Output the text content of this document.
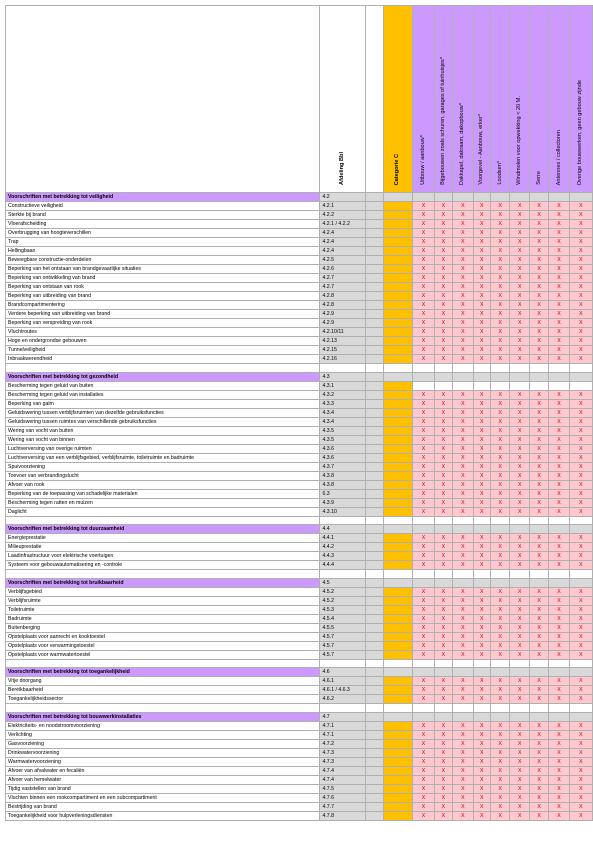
	Afdeling Bbl		Categorie C	Uitbouw / aanbouw*	Bijgebouwen zoals schuren, garages of tuinhuisjes*	Dakkapel, dakraam, dakopbouw*	Voorgevel - Aanbouw, erker*	Loodsen*	Windmolen voor opwekking < 20 M.	Serre	Antennes / collectoren	Overige bouwwerken, geen gebouw zijnde
Voorschriften met betrekking tot veiligheid	4.2											
Constructieve veiligheid	4.2.1			X	X	X	X	X	X	X	X	X
Sterkte bij brand	4.2.2			X	X	X	X	X	X	X	X	X
Vloerafscheiding	4.2.1 / 4.2.2			X	X	X	X	X	X	X	X	X
Overbrugging van hoogteverschillen	4.2.4			X	X	X	X	X	X	X	X	X
Trap	4.2.4			X	X	X	X	X	X	X	X	X
Hellingbaan	4.2.4			X	X	X	X	X	X	X	X	X
Beweegbare constructie-onderdelen	4.2.5			X	X	X	X	X	X	X	X	X
Beperking van het ontstaan van brandgevaarlijke situaties	4.2.6			X	X	X	X	X	X	X	X	X
Beperking van ontwikkeling van brand	4.2.7			X	X	X	X	X	X	X	X	X
Beperking van ontstaan van rook	4.2.7			X	X	X	X	X	X	X	X	X
Beperking van uitbreiding van brand	4.2.8			X	X	X	X	X	X	X	X	X
Brandcompartimentering	4.2.8			X	X	X	X	X	X	X	X	X
Verdere beperking van uitbreiding van brand	4.2.9			X	X	X	X	X	X	X	X	X
Beperking van verspreiding van rook	4.2.9			X	X	X	X	X	X	X	X	X
Vluchtroutes	4.2.10/11			X	X	X	X	X	X	X	X	X
Hoge en ondergrondse gebouwen	4.2.13			X	X	X	X	X	X	X	X	X
Tunnelveiligheid	4.2.15			X	X	X	X	X	X	X	X	X
Inbraakwerendheid	4.2.16			X	X	X	X	X	X	X	X	X

Voorschriften met betrekking tot gezondheid	4.3											
Bescherming tegen geluid van buiten	4.3.1											
Bescherming tegen geluid van installaties	4.3.2			X	X	X	X	X	X	X	X	X
Beperking van galm	4.3.3			X	X	X	X	X	X	X	X	X
Geluidswering tussen verblijfsruimten van dezelfde gebruiksfuncties	4.3.4			X	X	X	X	X	X	X	X	X
Geluidswering tussen ruimtes van verschillende gebruiksfuncties	4.3.4			X	X	X	X	X	X	X	X	X
Wering van vocht van buiten	4.3.5			X	X	X	X	X	X	X	X	X
Wering van vocht van binnen	4.3.5			X	X	X	X	X	X	X	X	X
Luchtverversing van overige ruimten	4.3.6			X	X	X	X	X	X	X	X	X
Luchtverversing van een verblijfsgebied, verblijfsruimte, toiletruimte en badruimte	4.3.6			X	X	X	X	X	X	X	X	X
Spuivoorziening	4.3.7			X	X	X	X	X	X	X	X	X
Toevoer van verbrandingslucht	4.3.8			X	X	X	X	X	X	X	X	X
Afvoer van rook	4.3.8			X	X	X	X	X	X	X	X	X
Beperking van de toepassing van schadelijke materialen	6.3			X	X	X	X	X	X	X	X	X
Bescherming tegen ratten en muizen	4.3.9			X	X	X	X	X	X	X	X	X
Daglicht	4.3.10			X	X	X	X	X	X	X	X	X

Voorschriften met betrekking tot duurzaamheid	4.4											
Energieprestatie	4.4.1			X	X	X	X	X	X	X	X	X
Milieuprestatie	4.4.2			X	X	X	X	X	X	X	X	X
Laadinfrastructuur voor elektrische voertuigen	4.4.3			X	X	X	X	X	X	X	X	X
Systeem voor gebouwautomatisering en -controle	4.4.4			X	X	X	X	X	X	X	X	X

Voorschriften met betrekking tot bruikbaarheid	4.5											
Verblijfsgebied	4.5.2			X	X	X	X	X	X	X	X	X
Verblijfsruimte	4.5.2			X	X	X	X	X	X	X	X	X
Toiletruimte	4.5.3			X	X	X	X	X	X	X	X	X
Badruimte	4.5.4			X	X	X	X	X	X	X	X	X
Buitenberging	4.5.5			X	X	X	X	X	X	X	X	X
Opstelplaats voor aanrecht en kooktoestel	4.5.7			X	X	X	X	X	X	X	X	X
Opstelplaats voor verwarmingstoestel	4.5.7			X	X	X	X	X	X	X	X	X
Opstelplaats voor warmwatertoestel	4.5.7			X	X	X	X	X	X	X	X	X

Voorschriften met betrekking tot toegankelijkheid	4.6											
Vrije doorgang	4.6.1			X	X	X	X	X	X	X	X	X
Bereikbaarheid	4.6.1 / 4.6.3			X	X	X	X	X	X	X	X	X
Toegankelijkheidssector	4.6.2			X	X	X	X	X	X	X	X	X

Voorschriften met betrekking tot bouwwerkinstallaties	4.7											
Elektriciteits- en noodstroomvoorziening	4.7.1			X	X	X	X	X	X	X	X	X
Verlichting	4.7.1			X	X	X	X	X	X	X	X	X
Gasvoorziening	4.7.2			X	X	X	X	X	X	X	X	X
Drinkwatervoorziening	4.7.3			X	X	X	X	X	X	X	X	X
Warmwatervoorziening	4.7.3			X	X	X	X	X	X	X	X	X
Afvoer van afvalwater en fecaliën	4.7.4			X	X	X	X	X	X	X	X	X
Afvoer van hemelwater	4.7.4			X	X	X	X	X	X	X	X	X
Tijdig vaststellen van brand	4.7.5			X	X	X	X	X	X	X	X	X
Vluchten binnen een rookcompartiment en een subcompartiment	4.7.6			X	X	X	X	X	X	X	X	X
Bestrijding van brand	4.7.7			X	X	X	X	X	X	X	X	X
Toegankelijkheid voor hulpverleningsdiensten	4.7.8			X	X	X	X	X	X	X	X	X
